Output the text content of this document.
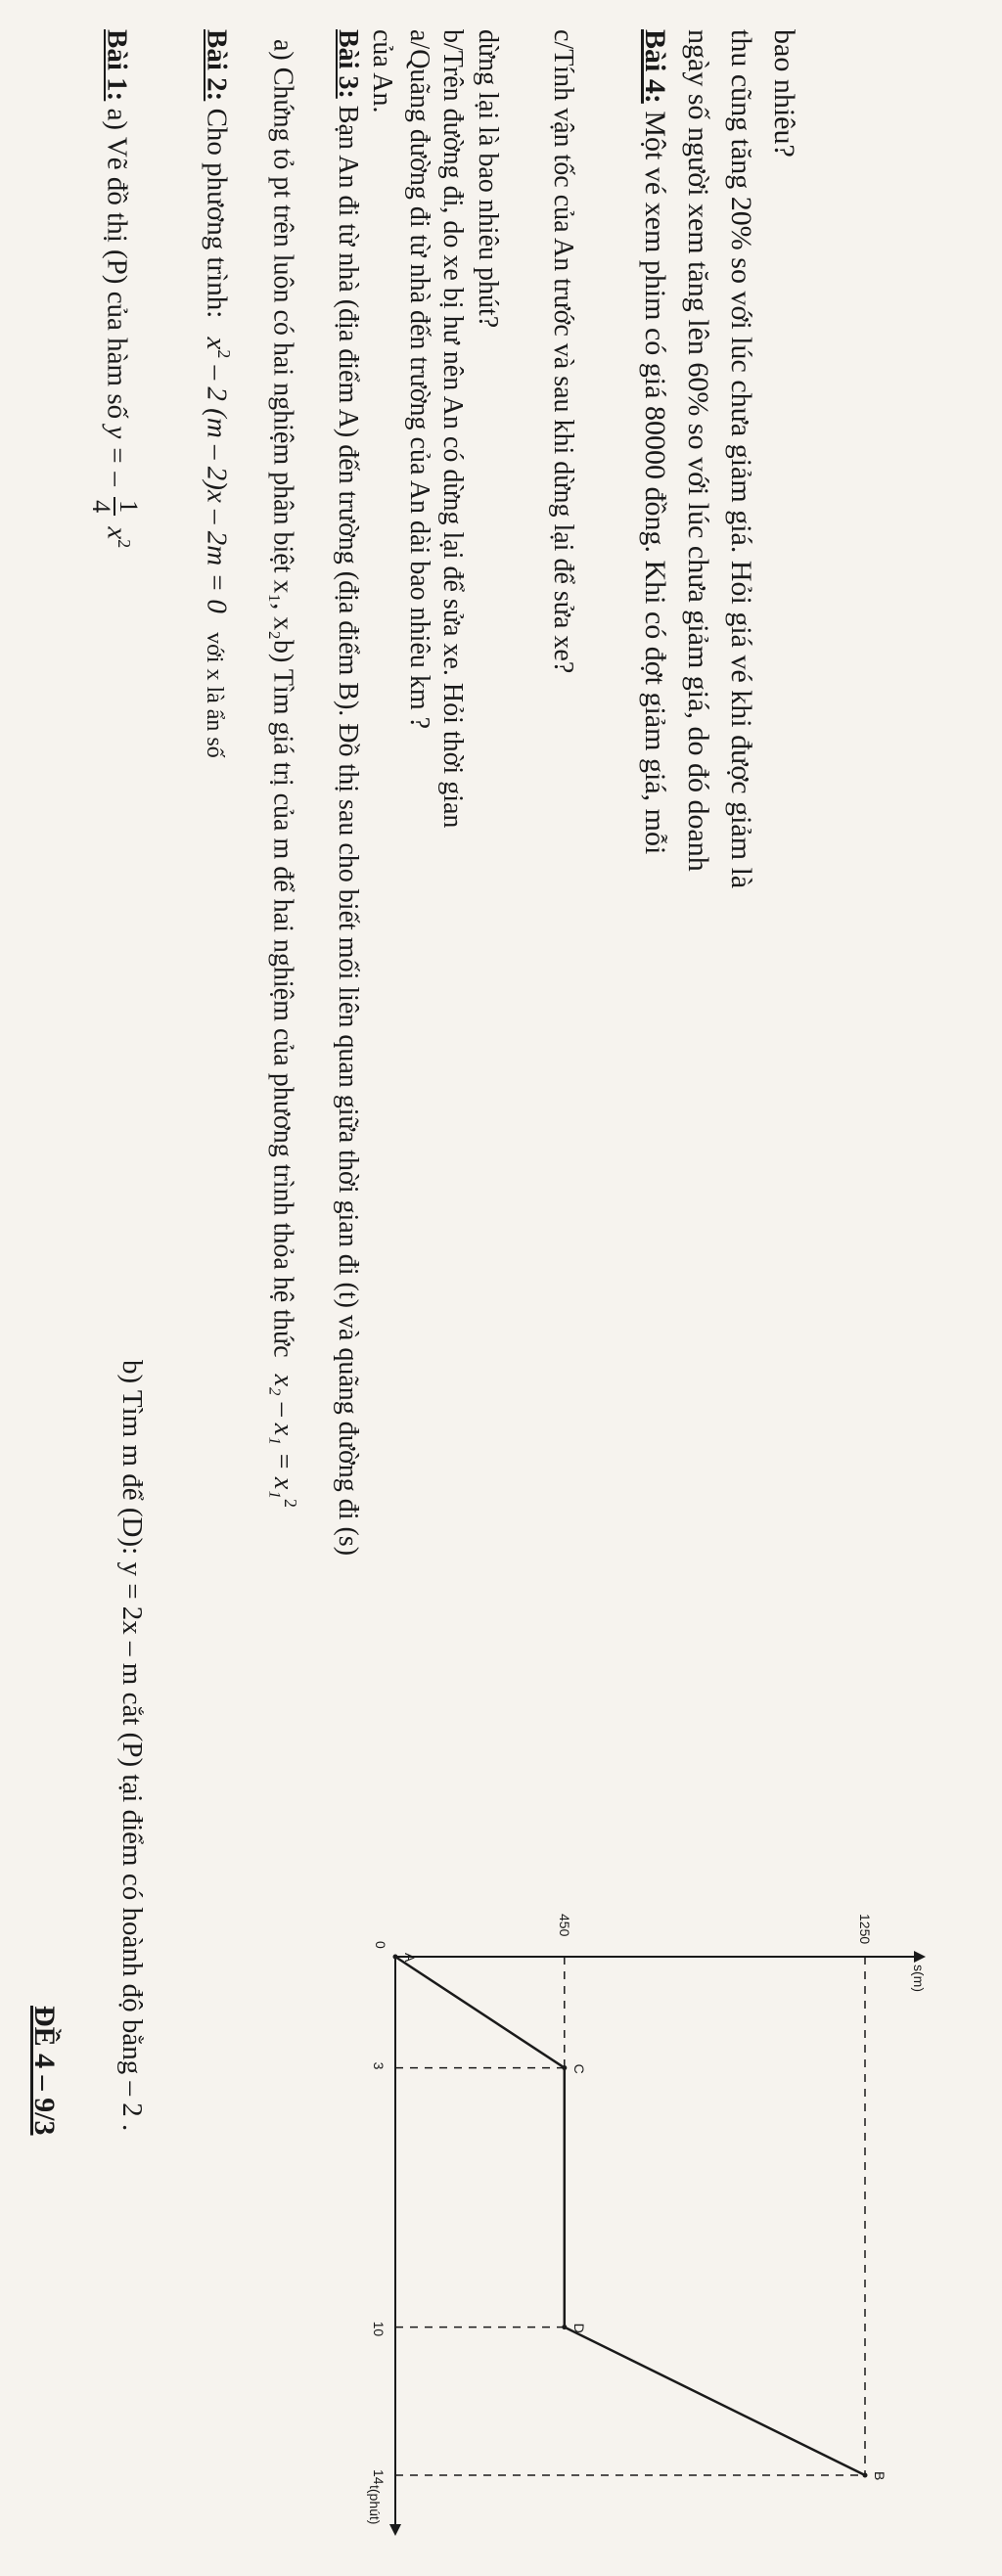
ĐỀ 4 – 9/3
Bài 1: a) Vẽ đồ thị (P) của hàm số y = –
1
4
$x^2$
b) Tìm m để (D): y = 2x – m cắt (P) tại điểm có hoành độ bằng – 2 .
Bài 2: Cho phương trình: $x^2 - 2$ (m – 2)x – 2m = 0 với x là ẩn số a) Chứng tỏ pt trên luôn có hai nghiệm phân biệt x₁, x₂b) Tìm giá trị của m để hai nghiệm của phương trình thỏa hệ thức x₂ – x₁ = x₁$^2$
Bài 3: Bạn An đi từ nhà (địa điểm A) đến trường (địa điểm B). Đồ thị sau cho biết mối liên quan giữa thời gian đi (t) và quãng đường đi (s)
của An. a/Quãng đường đi từ nhà đến trường của An dài bao nhiêu km ? b/Trên đường đi, do xe bị hư nên An có dừng lại để sửa xe. Hỏi thời gian dừng lại là bao nhiêu phút? c/Tính vận tốc của An trước và sau khi dừng lại để sửa xe? Bài 4: Một vé xem phim có giá 80000 đồng. Khi có đợt giảm giá, mỗi ngày số người xem tăng lên 60% so với lúc chưa giảm giá, do đó doanh thu cũng tăng 20% so với lúc chưa giảm giá. Hỏi giá vé khi được giảm là bao nhiêu?
t(phút)
s(m)
0
450	1250
3
10
14
A
C
D
B
